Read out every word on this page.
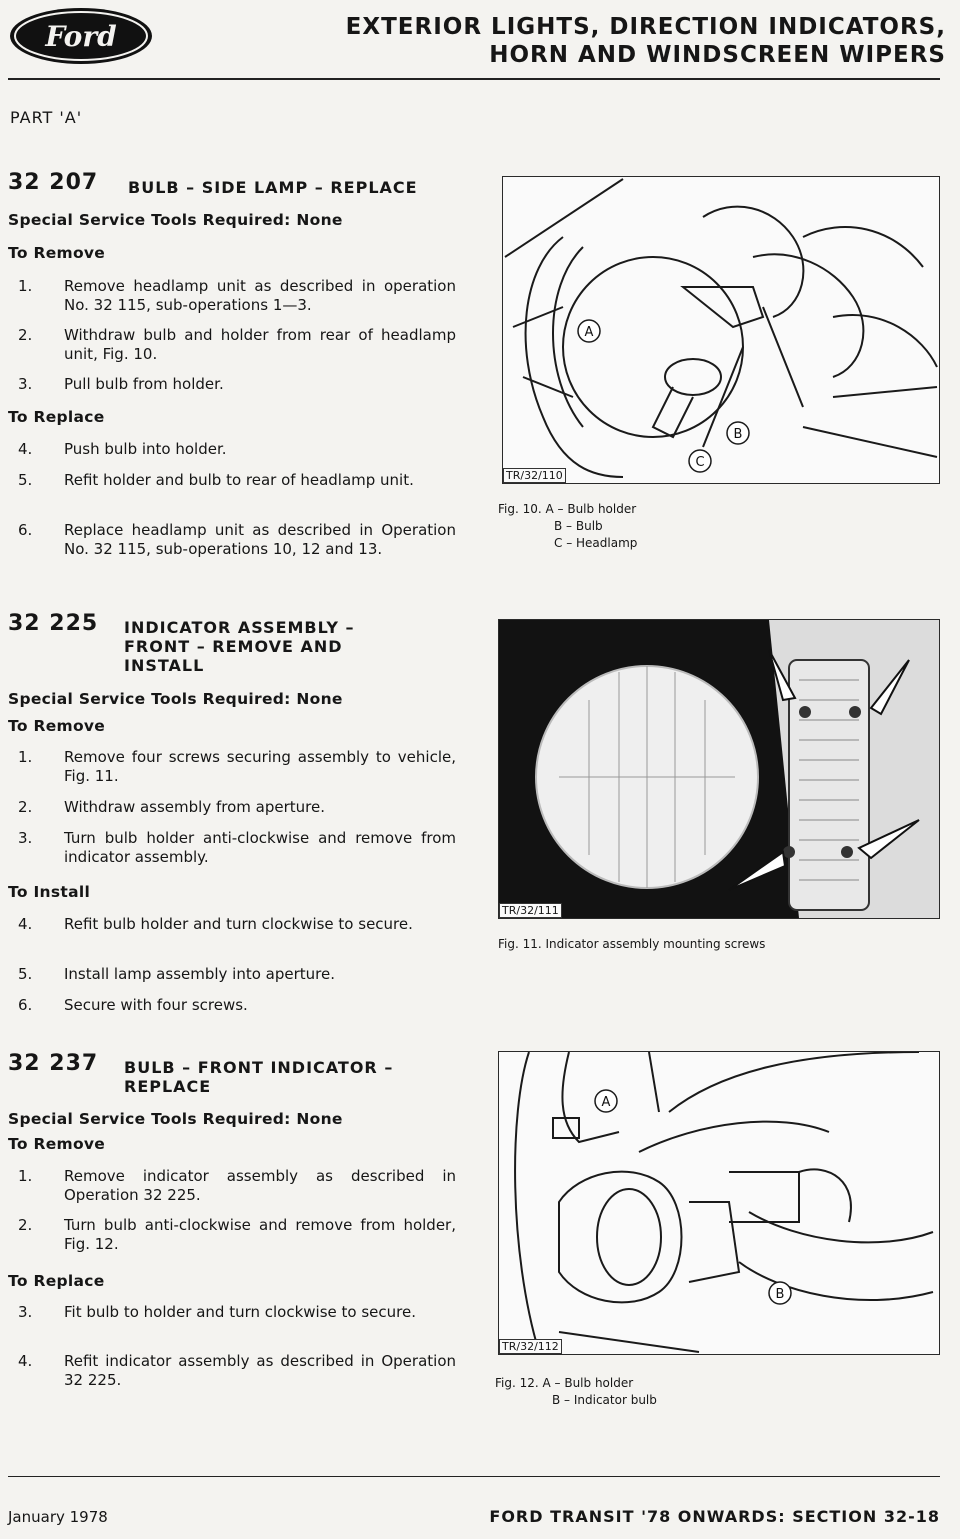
Ford	EXTERIOR LIGHTS, DIRECTION INDICATORS,
HORN AND WINDSCREEN WIPERS
PART 'A'
32 207 BULB – SIDE LAMP – REPLACE
Special Service Tools Required: None
To Remove
1. Remove headlamp unit as described in operation No. 32 115, sub-operations 1—3.
2. Withdraw bulb and holder from rear of headlamp unit, Fig. 10.
3. Pull bulb from holder.
To Replace
4. Push bulb into holder.
5. Refit holder and bulb to rear of headlamp unit.
6. Replace headlamp unit as described in Operation No. 32 115, sub-operations 10, 12 and 13.
32 225 INDICATOR ASSEMBLY –
FRONT – REMOVE AND
INSTALL
Special Service Tools Required: None
To Remove
1. Remove four screws securing assembly to vehicle, Fig. 11.
2. Withdraw assembly from aperture.
3. Turn bulb holder anti-clockwise and remove from indicator assembly.
To Install
4. Refit bulb holder and turn clockwise to secure.
5. Install lamp assembly into aperture.
6. Secure with four screws.
32 237 BULB – FRONT INDICATOR –
REPLACE
Special Service Tools Required: None
To Remove
1. Remove indicator assembly as described in Operation 32 225.
2. Turn bulb anti-clockwise and remove from holder, Fig. 12.
To Replace
3. Fit bulb to holder and turn clockwise to secure.
4. Refit indicator assembly as described in Operation 32 225.
A
B
C
TR/32/110
Fig. 10. A – Bulb holder
B – Bulb
C – Headlamp
TR/32/111
Fig. 11. Indicator assembly mounting screws
A
B
TR/32/112
Fig. 12. A – Bulb holder
B – Indicator bulb
January 1978	FORD TRANSIT '78 ONWARDS: SECTION 32-18
